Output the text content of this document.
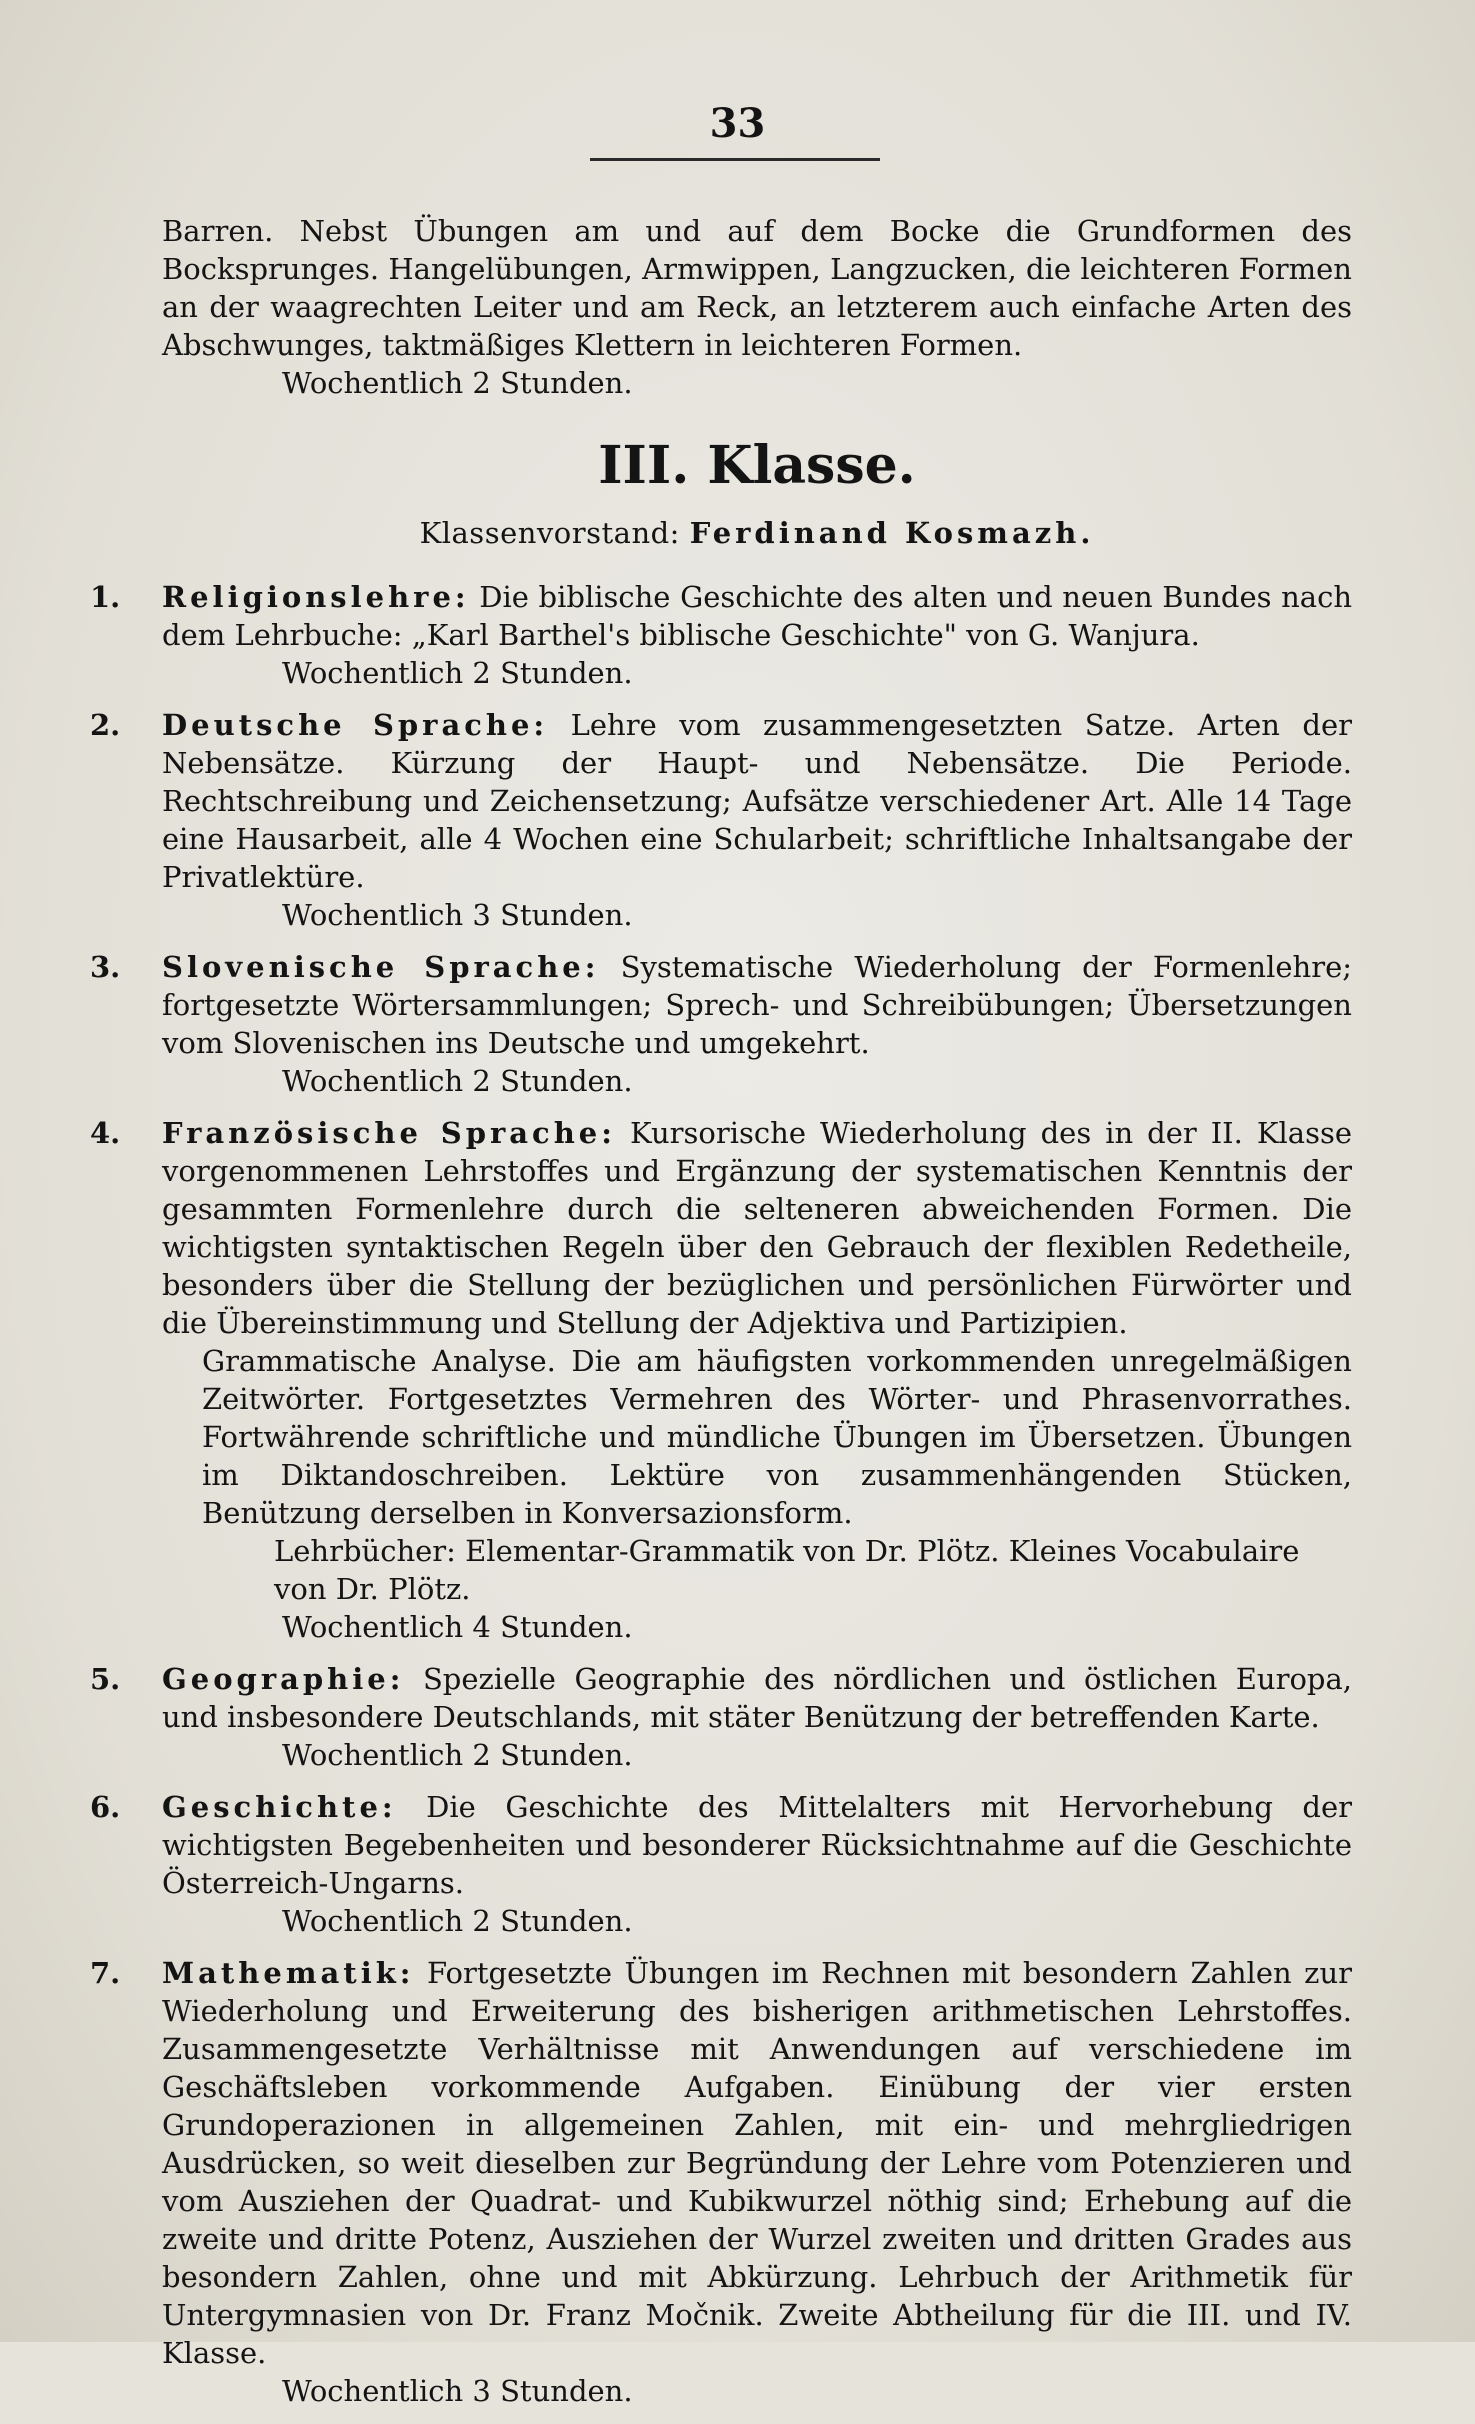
33

Barren. Nebst Übungen am und auf dem Bocke die Grundformen des Bocksprunges. Hangelübungen, Armwippen, Langzucken, die leichteren Formen an der waagrechten Leiter und am Reck, an letzterem auch einfache Arten des Abschwunges, taktmäßiges Klettern in leichteren Formen.

Wochentlich 2 Stunden.

III. Klasse.
Klassenvorstand: Ferdinand Kosmazh.
1. Religionslehre: Die biblische Geschichte des alten und neuen Bundes nach dem Lehrbuche: „Karl Barthel's biblische Geschichte" von G. Wanjura.

Wochentlich 2 Stunden.

2. Deutsche Sprache: Lehre vom zusammengesetzten Satze. Arten der Nebensätze. Kürzung der Haupt- und Nebensätze. Die Periode. Rechtschreibung und Zeichensetzung; Aufsätze verschiedener Art. Alle 14 Tage eine Hausarbeit, alle 4 Wochen eine Schularbeit; schriftliche Inhaltsangabe der Privatlektüre.

Wochentlich 3 Stunden.

3. Slovenische Sprache: Systematische Wiederholung der Formenlehre; fortgesetzte Wörtersammlungen; Sprech- und Schreibübungen; Übersetzungen vom Slovenischen ins Deutsche und umgekehrt.

Wochentlich 2 Stunden.

4. Französische Sprache: Kursorische Wiederholung des in der II. Klasse vorgenommenen Lehrstoffes und Ergänzung der systematischen Kenntnis der gesammten Formenlehre durch die selteneren abweichenden Formen. Die wichtigsten syntaktischen Regeln über den Gebrauch der flexiblen Redetheile, besonders über die Stellung der bezüglichen und persönlichen Fürwörter und die Übereinstimmung und Stellung der Adjektiva und Partizipien.

Grammatische Analyse. Die am häufigsten vorkommenden unregelmäßigen Zeitwörter. Fortgesetztes Vermehren des Wörter- und Phrasenvorrathes. Fortwährende schriftliche und mündliche Übungen im Übersetzen. Übungen im Diktandoschreiben. Lektüre von zusammenhängenden Stücken, Benützung derselben in Konversazionsform.

Lehrbücher: Elementar-Grammatik von Dr. Plötz. Kleines Vocabulaire

von Dr. Plötz.

Wochentlich 4 Stunden.

5. Geographie: Spezielle Geographie des nördlichen und östlichen Europa, und insbesondere Deutschlands, mit stäter Benützung der betreffenden Karte.

Wochentlich 2 Stunden.

6. Geschichte: Die Geschichte des Mittelalters mit Hervorhebung der wichtigsten Begebenheiten und besonderer Rücksichtnahme auf die Geschichte Österreich-Ungarns.

Wochentlich 2 Stunden.

7. Mathematik: Fortgesetzte Übungen im Rechnen mit besondern Zahlen zur Wiederholung und Erweiterung des bisherigen arithmetischen Lehrstoffes. Zusammengesetzte Verhältnisse mit Anwendungen auf verschiedene im Geschäftsleben vorkommende Aufgaben. Einübung der vier ersten Grundoperazionen in allgemeinen Zahlen, mit ein- und mehrgliedrigen Ausdrücken, so weit dieselben zur Begründung der Lehre vom Potenzieren und vom Ausziehen der Quadrat- und Kubikwurzel nöthig sind; Erhebung auf die zweite und dritte Potenz, Ausziehen der Wurzel zweiten und dritten Grades aus besondern Zahlen, ohne und mit Abkürzung. Lehrbuch der Arithmetik für Untergymnasien von Dr. Franz Močnik. Zweite Abtheilung für die III. und IV. Klasse.

Wochentlich 3 Stunden.
